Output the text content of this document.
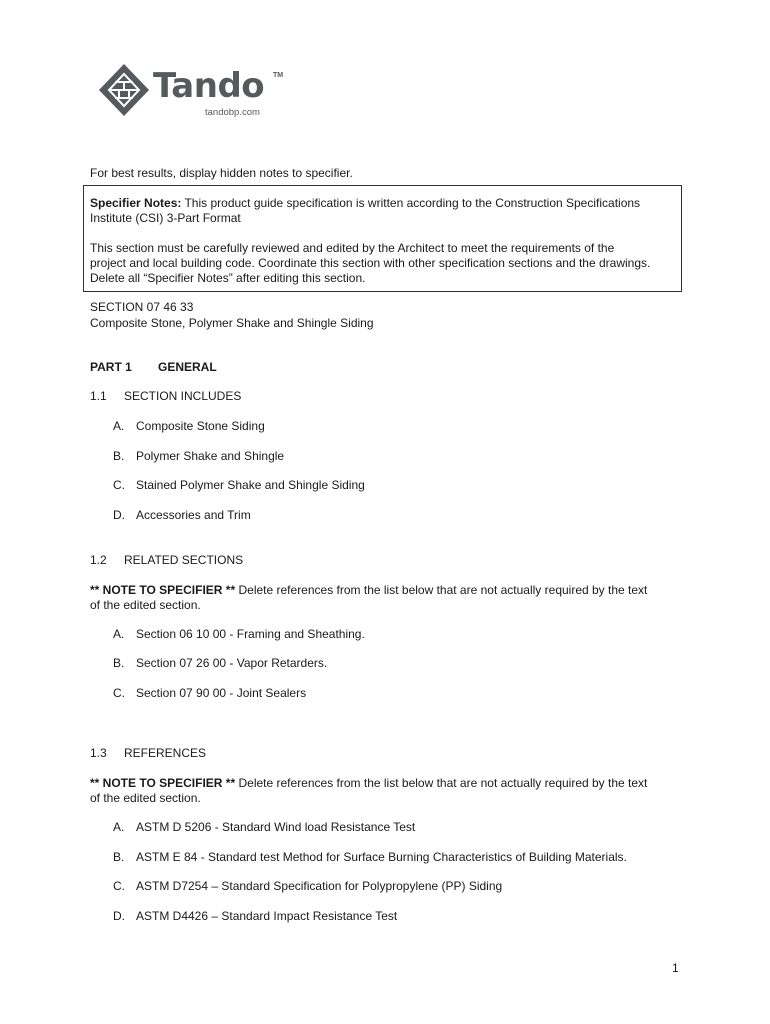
Tando TM
tandobp.com
For best results, display hidden notes to specifier.
Specifier Notes: This product guide specification is written according to the Construction Specifications
Institute (CSI) 3-Part Format
This section must be carefully reviewed and edited by the Architect to meet the requirements of the
project and local building code. Coordinate this section with other specification sections and the drawings.
Delete all “Specifier Notes” after editing this section.
SECTION 07 46 33
Composite Stone, Polymer Shake and Shingle Siding
PART 1 GENERAL
1.1 SECTION INCLUDES
A. Composite Stone Siding
B. Polymer Shake and Shingle
C. Stained Polymer Shake and Shingle Siding
D. Accessories and Trim
1.2 RELATED SECTIONS
** NOTE TO SPECIFIER ** Delete references from the list below that are not actually required by the text
of the edited section.
A. Section 06 10 00 - Framing and Sheathing.
B. Section 07 26 00 - Vapor Retarders.
C. Section 07 90 00 - Joint Sealers
1.3 REFERENCES
** NOTE TO SPECIFIER ** Delete references from the list below that are not actually required by the text
of the edited section.
A. ASTM D 5206 - Standard Wind load Resistance Test
B. ASTM E 84 - Standard test Method for Surface Burning Characteristics of Building Materials.
C. ASTM D7254 – Standard Specification for Polypropylene (PP) Siding
D. ASTM D4426 – Standard Impact Resistance Test
1
